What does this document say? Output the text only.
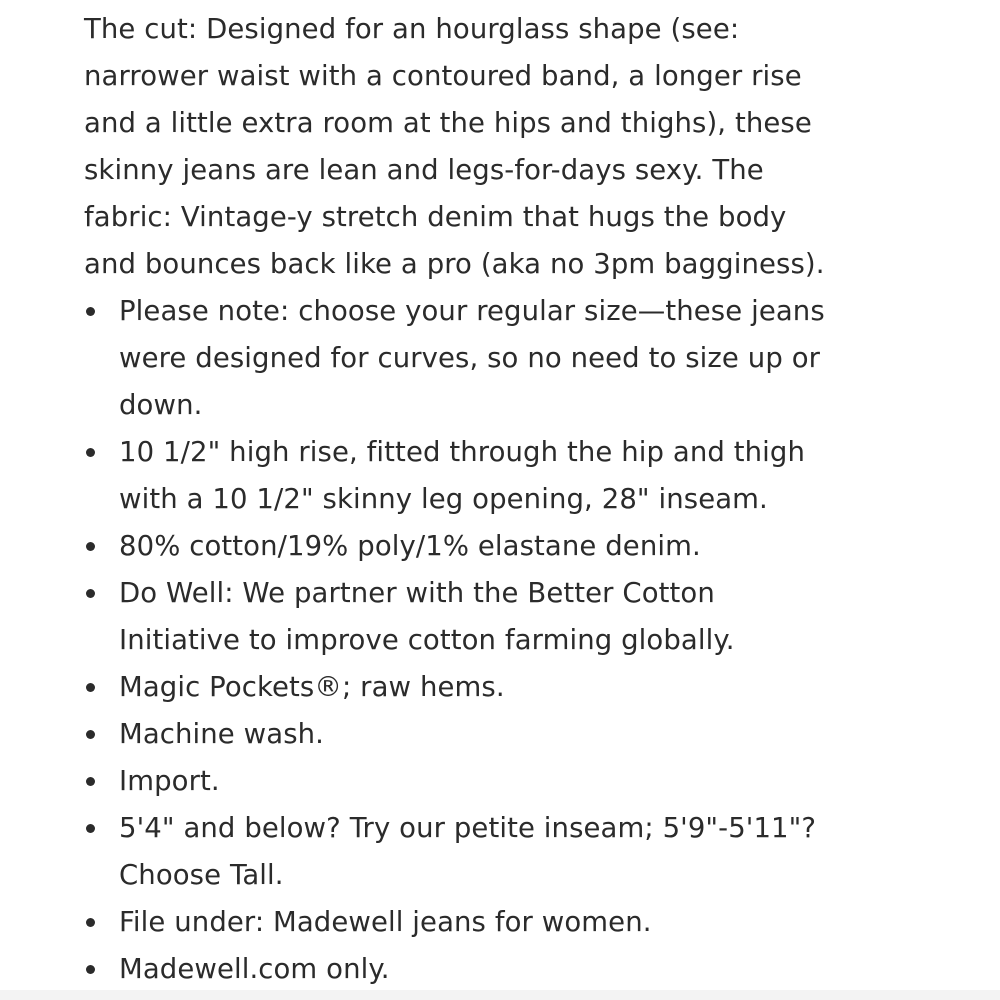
The cut: Designed for an hourglass shape (see:
narrower waist with a contoured band, a longer rise
and a little extra room at the hips and thighs), these
skinny jeans are lean and legs-for-days sexy. The
fabric: Vintage-y stretch denim that hugs the body
and bounces back like a pro (aka no 3pm bagginess).

Please note: choose your regular size—these jeans
were designed for curves, so no need to size up or
down.
10 1/2" high rise, fitted through the hip and thigh
with a 10 1/2" skinny leg opening, 28" inseam.
80% cotton/19% poly/1% elastane denim.
Do Well: We partner with the Better Cotton
Initiative to improve cotton farming globally.
Magic Pockets®; raw hems.
Machine wash.
Import.
5'4" and below? Try our petite inseam; 5'9"-5'11"?
Choose Tall.
File under: Madewell jeans for women.
Madewell.com only.
